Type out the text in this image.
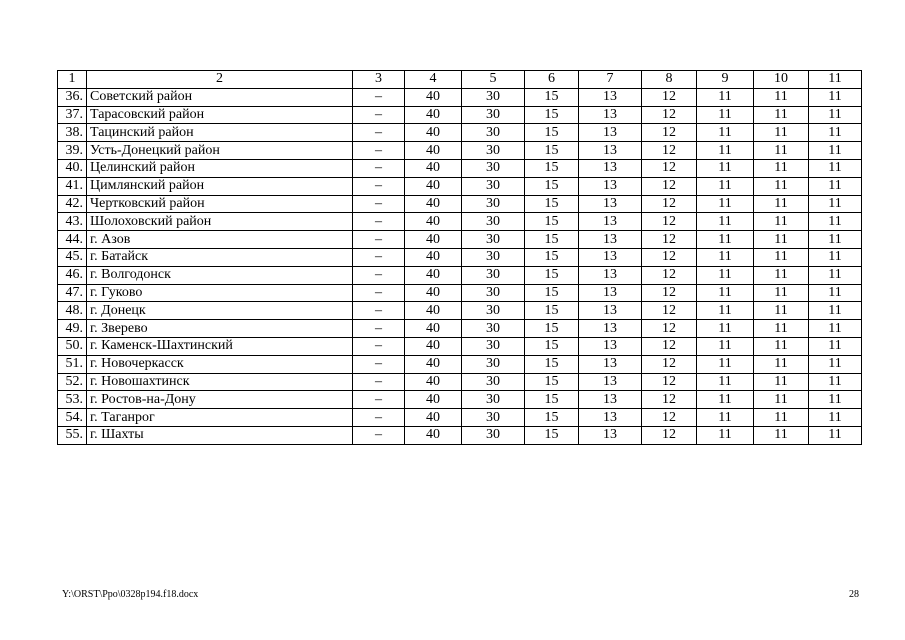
1	2	3	4	5	6	7	8	9	10	11
36.	Советский район	–	40	30	15	13	12	11	11	11
37.	Тарасовский район	–	40	30	15	13	12	11	11	11
38.	Тацинский район	–	40	30	15	13	12	11	11	11
39.	Усть-Донецкий район	–	40	30	15	13	12	11	11	11
40.	Целинский район	–	40	30	15	13	12	11	11	11
41.	Цимлянский район	–	40	30	15	13	12	11	11	11
42.	Чертковский район	–	40	30	15	13	12	11	11	11
43.	Шолоховский район	–	40	30	15	13	12	11	11	11
44.	г. Азов	–	40	30	15	13	12	11	11	11
45.	г. Батайск	–	40	30	15	13	12	11	11	11
46.	г. Волгодонск	–	40	30	15	13	12	11	11	11
47.	г. Гуково	–	40	30	15	13	12	11	11	11
48.	г. Донецк	–	40	30	15	13	12	11	11	11
49.	г. Зверево	–	40	30	15	13	12	11	11	11
50.	г. Каменск-Шахтинский	–	40	30	15	13	12	11	11	11
51.	г. Новочеркасск	–	40	30	15	13	12	11	11	11
52.	г. Новошахтинск	–	40	30	15	13	12	11	11	11
53.	г. Ростов-на-Дону	–	40	30	15	13	12	11	11	11
54.	г. Таганрог	–	40	30	15	13	12	11	11	11
55.	г. Шахты	–	40	30	15	13	12	11	11	11
Y:\ORST\Ppo\0328p194.f18.docx	28
